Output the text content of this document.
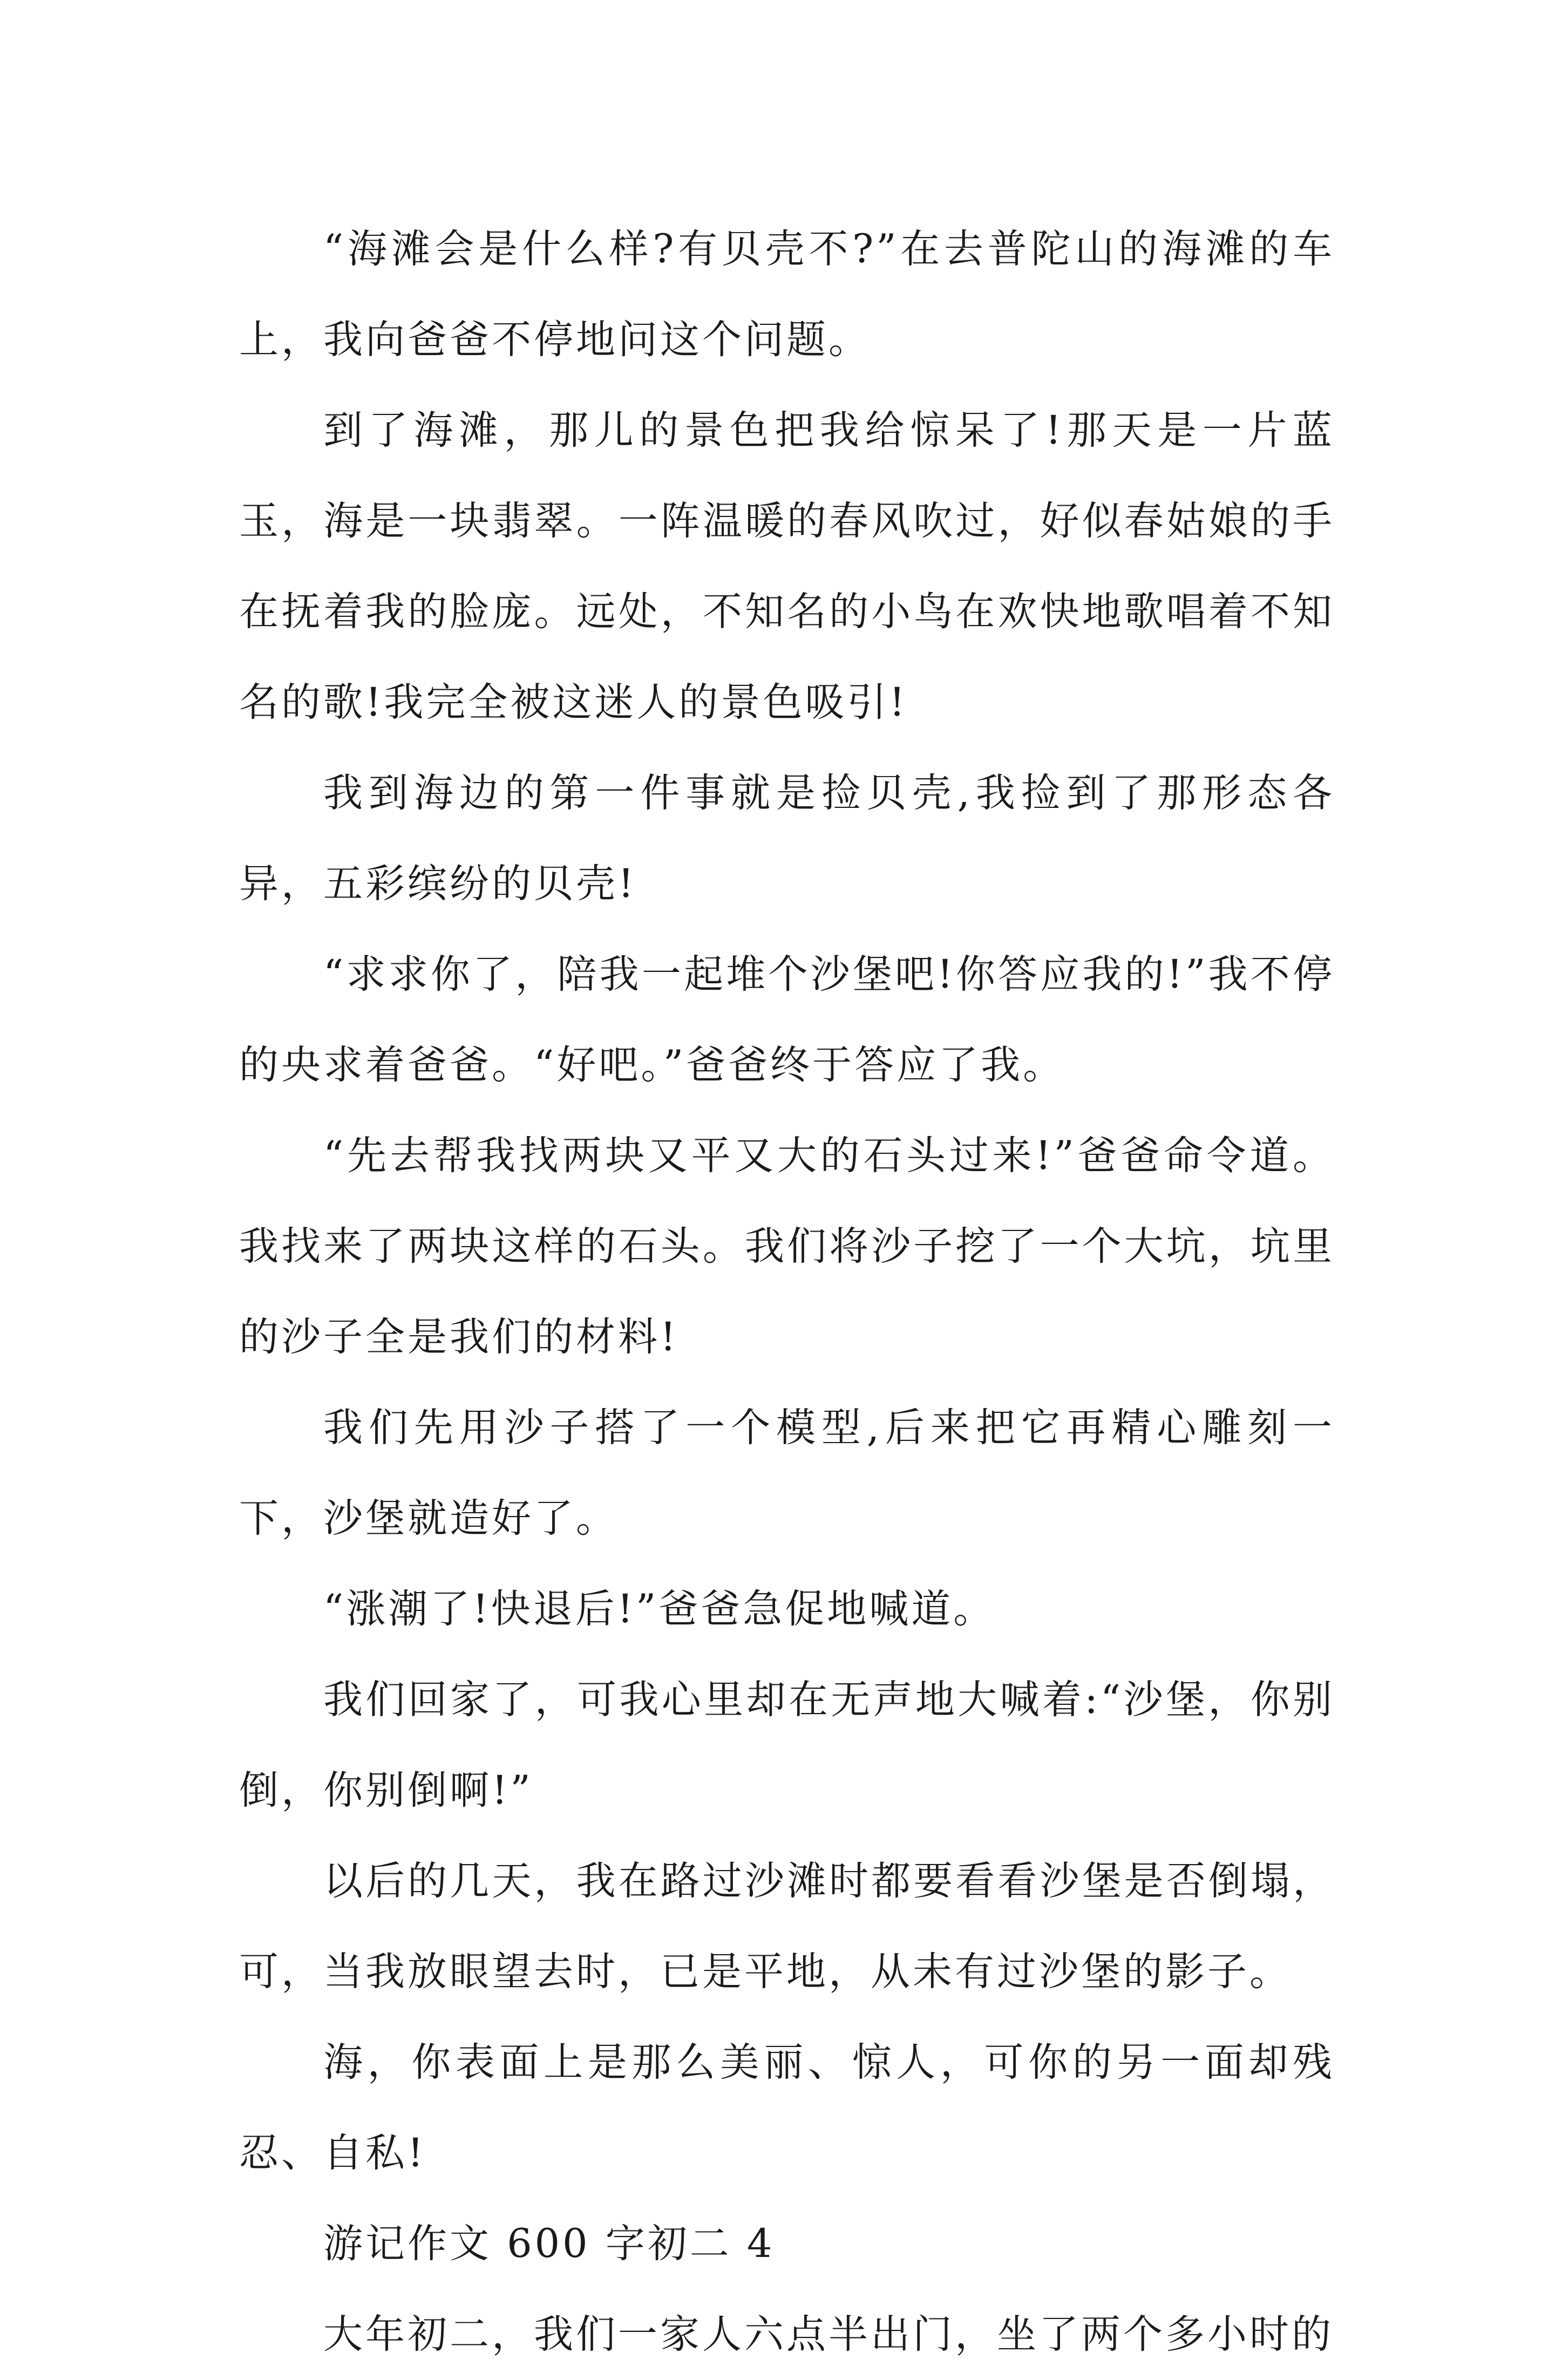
“海滩会是什么样?有贝壳不?”在去普陀山的海滩的车上，我向爸爸不停地问这个问题。

到了海滩，那儿的景色把我给惊呆了!那天是一片蓝玉，海是一块翡翠。一阵温暖的春风吹过，好似春姑娘的手在抚着我的脸庞。远处，不知名的小鸟在欢快地歌唱着不知名的歌!我完全被这迷人的景色吸引!

我到海边的第一件事就是捡贝壳,我捡到了那形态各异，五彩缤纷的贝壳!

“求求你了，陪我一起堆个沙堡吧!你答应我的!”我不停的央求着爸爸。“好吧。”爸爸终于答应了我。

“先去帮我找两块又平又大的石头过来!”爸爸命令道。我找来了两块这样的石头。我们将沙子挖了一个大坑，坑里的沙子全是我们的材料!

我们先用沙子搭了一个模型,后来把它再精心雕刻一下，沙堡就造好了。

“涨潮了!快退后!”爸爸急促地喊道。

我们回家了，可我心里却在无声地大喊着:“沙堡，你别倒，你别倒啊!”

以后的几天，我在路过沙滩时都要看看沙堡是否倒塌，可，当我放眼望去时，已是平地，从未有过沙堡的影子。

海，你表面上是那么美丽、惊人，可你的另一面却残忍、自私!

游记作文 600 字初二 4

大年初二，我们一家人六点半出门，坐了两个多小时的
